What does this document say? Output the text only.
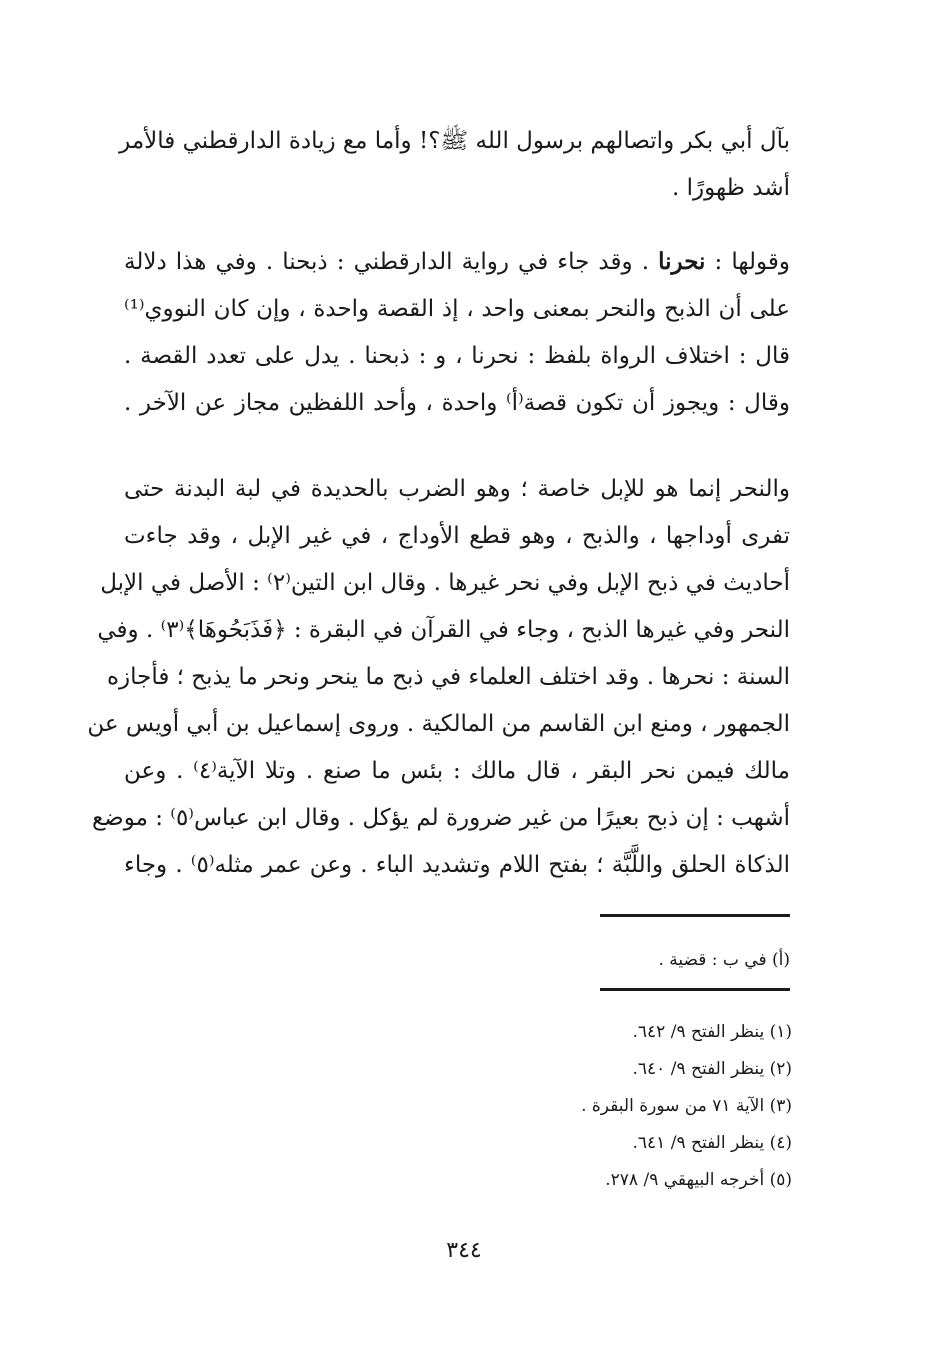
بآل أبي بكر واتصالهم برسول الله ﷺ؟! وأما مع زيادة الدارقطني فالأمر
أشد ظهورًا .
وقولها : نحرنا . وقد جاء في رواية الدارقطني : ذبحنا . وفي هذا دلالة
على أن الذبح والنحر بمعنى واحد ، إذ القصة واحدة ، وإن كان النووي⁽¹⁾
قال : اختلاف الرواة بلفظ : نحرنا ، و : ذبحنا . يدل على تعدد القصة .
وقال : ويجوز أن تكون قصة⁽أ⁾ واحدة ، وأحد اللفظين مجاز عن الآخر .
والنحر إنما هو للإبل خاصة ؛ وهو الضرب بالحديدة في لبة البدنة حتى
تفرى أوداجها ، والذبح ، وهو قطع الأوداج ، في غير الإبل ، وقد جاءت
أحاديث في ذبح الإبل وفي نحر غيرها . وقال ابن التين⁽٢⁾ : الأصل في الإبل
النحر وفي غيرها الذبح ، وجاء في القرآن في البقرة : ﴿فَذَبَحُوهَا﴾⁽٣⁾ . وفي
السنة : نحرها . وقد اختلف العلماء في ذبح ما ينحر ونحر ما يذبح ؛ فأجازه
الجمهور ، ومنع ابن القاسم من المالكية . وروى إسماعيل بن أبي أويس عن
مالك فيمن نحر البقر ، قال مالك : بئس ما صنع . وتلا الآية⁽٤⁾ . وعن
أشهب : إن ذبح بعيرًا من غير ضرورة لم يؤكل . وقال ابن عباس⁽٥⁾ : موضع
الذكاة الحلق واللَّبَّة ؛ بفتح اللام وتشديد الباء . وعن عمر مثله⁽٥⁾ . وجاء
(أ) في ب : قضية .
(١) ينظر الفتح ٩/ ٦٤٢.
(٢) ينظر الفتح ٩/ ٦٤٠.
(٣) الآية ٧١ من سورة البقرة .
(٤) ينظر الفتح ٩/ ٦٤١.
(٥) أخرجه البيهقي ٩/ ٢٧٨.
٣٤٤
